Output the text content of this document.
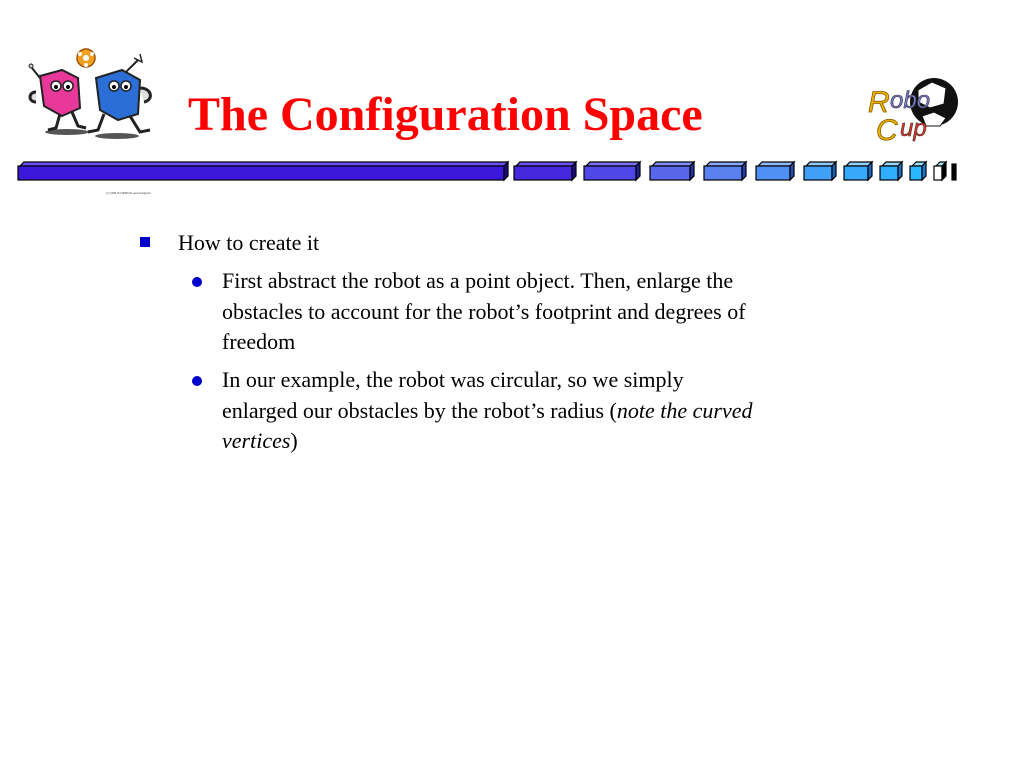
(c) 1998 SCORPIO K.Arai Integrator
The Configuration Space	R obo
C up
How to create it
First abstract the robot as a point object. Then, enlarge the
obstacles to account for the robot’s footprint and degrees of
freedom
In our example, the robot was circular, so we simply
enlarged our obstacles by the robot’s radius (note the curved
vertices)
